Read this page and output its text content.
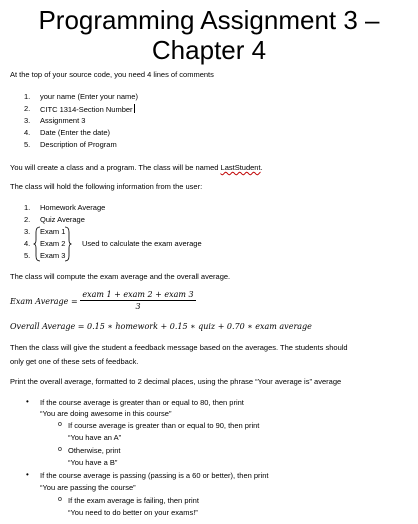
Programming Assignment 3 –
Chapter 4
At the top of your source code, you need 4 lines of comments
1. your name (Enter your name)
2. CITC 1314-Section Number
3. Assignment 3
4. Date (Enter the date)
5. Description of Program
You will create a class and a program. The class will be named LastStudent.
The class will hold the following information from the user:
1. Homework Average
2. Quiz Average
3. Exam 1
4. Exam 2
5. Exam 3
Used to calculate the exam average
The class will compute the exam average and the overall average.
Exam Average =
exam 1 + exam 2 + exam 3
3
Overall Average = 0.15 ∗ homework + 0.15 ∗ quiz + 0.70 ∗ exam average
Then the class will give the student a feedback message based on the averages. The students should
only get one of these sets of feedback.
Print the overall average, formatted to 2 decimal places, using the phrase “Your average is” average
• If the course average is greater than or equal to 80, then print
“You are doing awesome in this course”
o If course average is greater than or equal to 90, then print
“You have an A”
o Otherwise, print
“You have a B”
• If the course average is passing (passing is a 60 or better), then print
“You are passing the course”
o If the exam average is failing, then print
“You need to do better on your exams!”
